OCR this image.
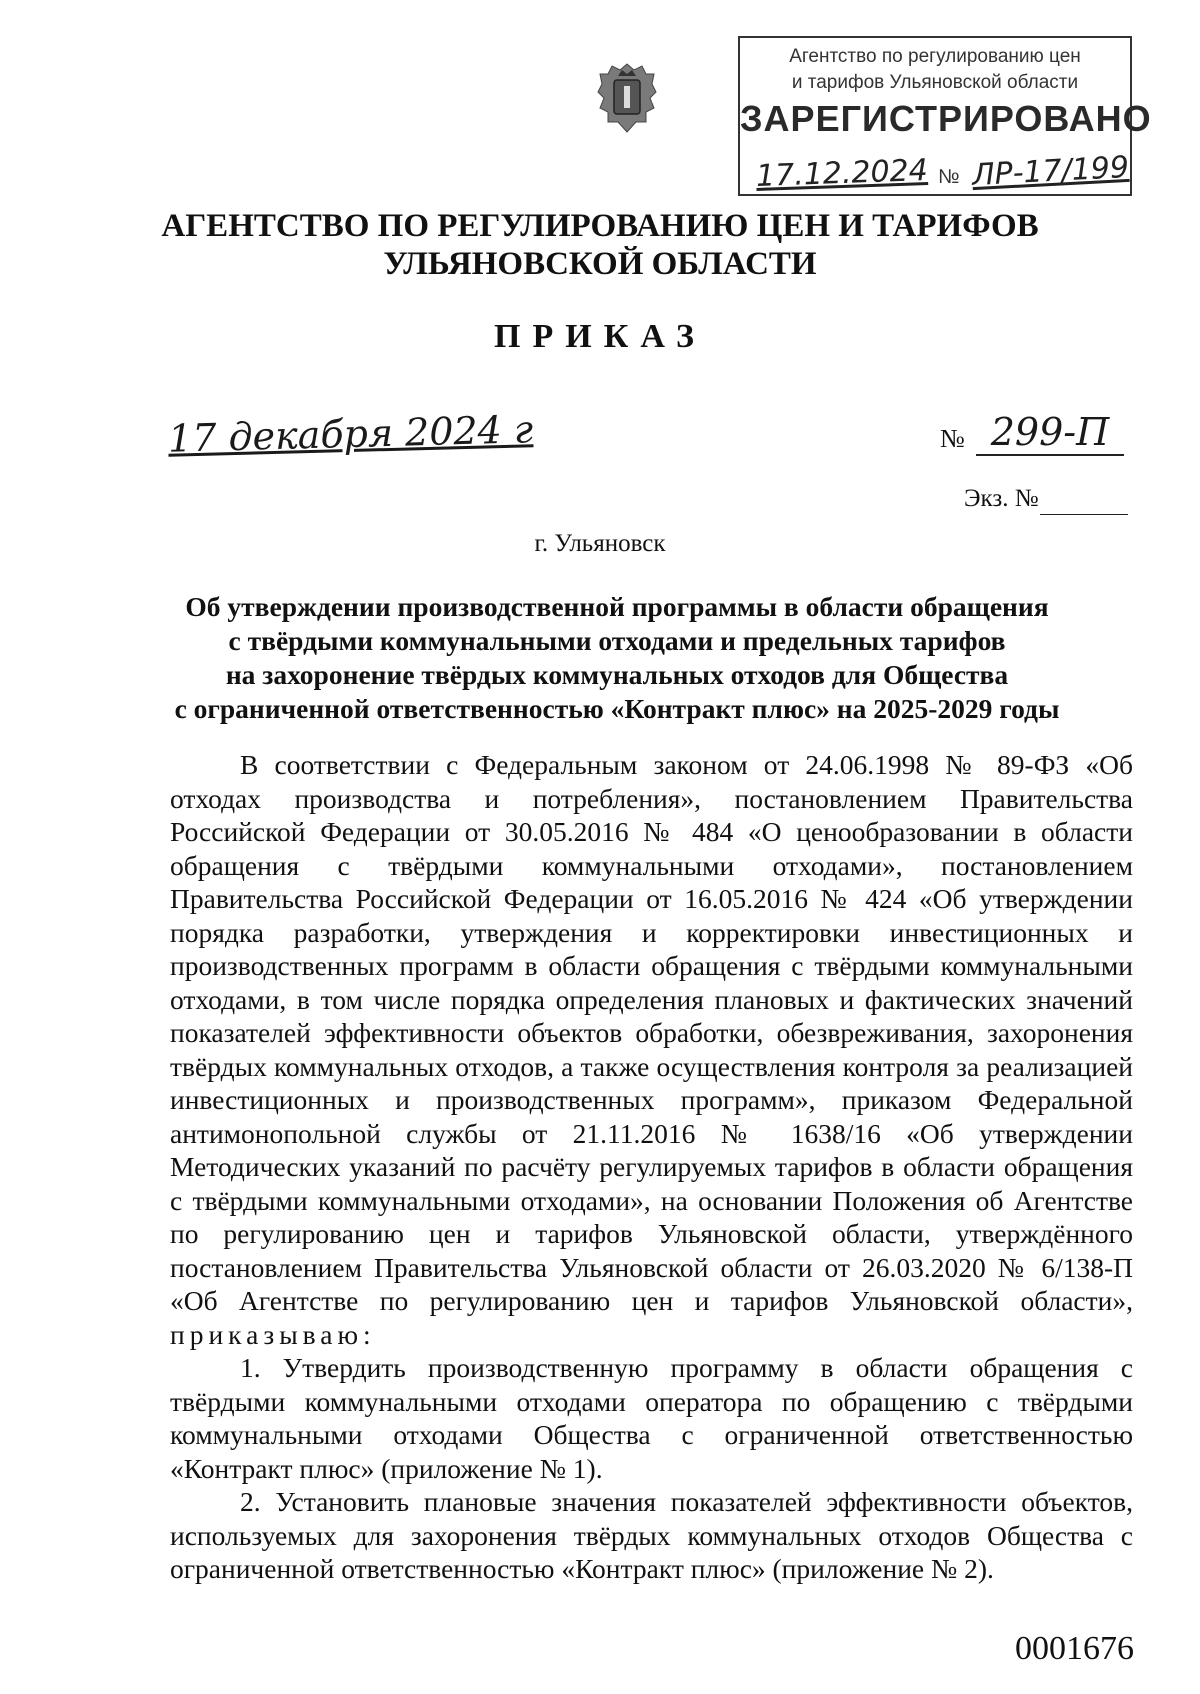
Агентство по регулированию цен
и тарифов Ульяновской области
ЗАРЕГИСТРИРОВАНО
17.12.2024 № ЛР-17/199
АГЕНТСТВО ПО РЕГУЛИРОВАНИЮ ЦЕН И ТАРИФОВ
УЛЬЯНОВСКОЙ ОБЛАСТИ
ПРИКАЗ
17 декабря 2024 г	№ 299-П
Экз. №
г. Ульяновск
Об утверждении производственной программы в области обращения
с твёрдыми коммунальными отходами и предельных тарифов
на захоронение твёрдых коммунальных отходов для Общества
с ограниченной ответственностью «Контракт плюс» на 2025-2029 годы

В соответствии с Федеральным законом от 24.06.1998 № 89-ФЗ «Об отходах производства и потребления», постановлением Правительства Российской Федерации от 30.05.2016 № 484 «О ценообразовании в области обращения с твёрдыми коммунальными отходами», постановлением Правительства Российской Федерации от 16.05.2016 № 424 «Об утверждении порядка разработки, утверждения и корректировки инвестиционных и производственных программ в области обращения с твёрдыми коммунальными отходами, в том числе порядка определения плановых и фактических значений показателей эффективности объектов обработки, обезвреживания, захоронения твёрдых коммунальных отходов, а также осуществления контроля за реализацией инвестиционных и производственных программ», приказом Федеральной антимонопольной службы от 21.11.2016 № 1638/16 «Об утверждении Методических указаний по расчёту регулируемых тарифов в области обращения с твёрдыми коммунальными отходами», на основании Положения об Агентстве по регулированию цен и тарифов Ульяновской области, утверждённого постановлением Правительства Ульяновской области от 26.03.2020 № 6/138-П «Об Агентстве по регулированию цен и тарифов Ульяновской области», приказываю:

1. Утвердить производственную программу в области обращения с твёрдыми коммунальными отходами оператора по обращению с твёрдыми коммунальными отходами Общества с ограниченной ответственностью «Контракт плюс» (приложение № 1).

2. Установить плановые значения показателей эффективности объектов, используемых для захоронения твёрдых коммунальных отходов Общества с ограниченной ответственностью «Контракт плюс» (приложение № 2).

0001676
